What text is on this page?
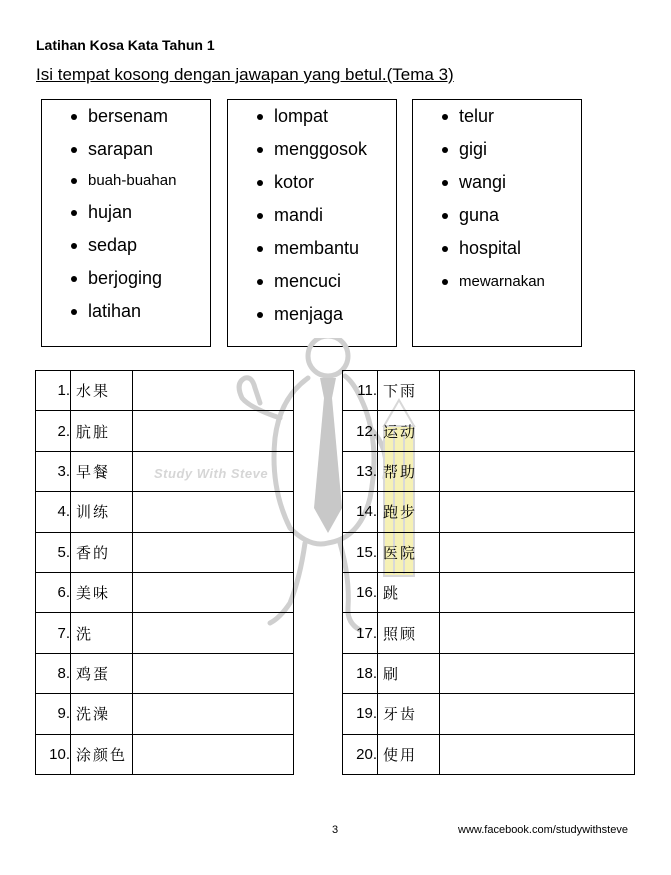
Latihan Kosa Kata Tahun 1
Isi tempat kosong dengan jawapan yang betul.(Tema 3)
bersenam
sarapan
buah-buahan
hujan
sedap
berjoging
latihan
lompat
menggosok
kotor
mandi
membantu
mencuci
menjaga
telur
gigi
wangi
guna
hospital
mewarnakan
Study With Steve
1.	水果	
2.	肮脏	
3.	早餐	
4.	训练	
5.	香的	
6.	美味	
7.	洗	
8.	鸡蛋	
9.	洗澡	
10.	涂颜色	
11.	下雨	
12.	运动	
13.	帮助	
14.	跑步	
15.	医院	
16.	跳	
17.	照顾	
18.	刷	
19.	牙齿	
20.	使用	
3	www.facebook.com/studywithsteve
